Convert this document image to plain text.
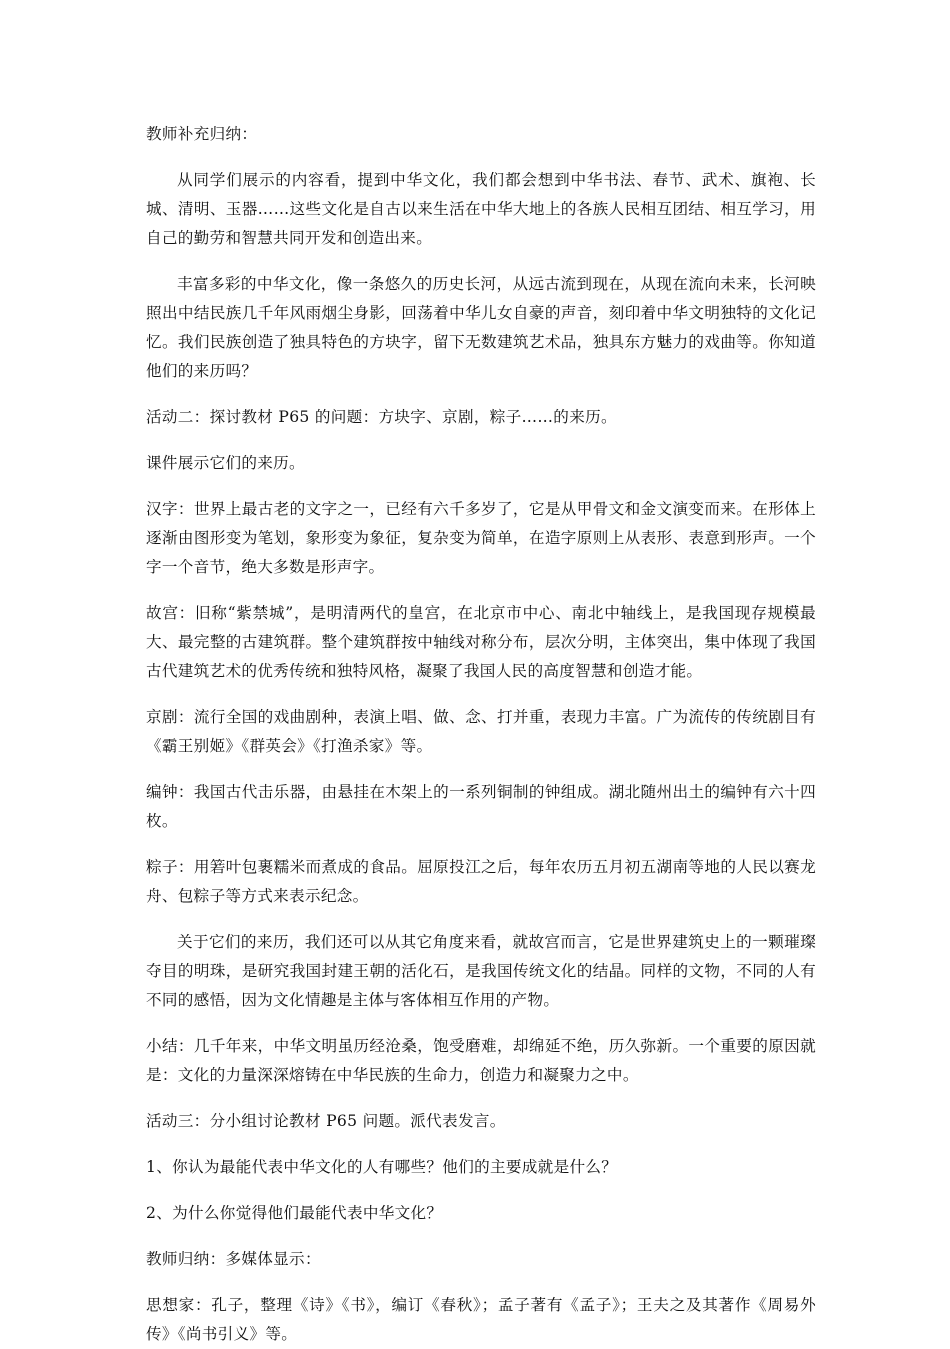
教师补充归纳：

从同学们展示的内容看，提到中华文化，我们都会想到中华书法、春节、武术、旗袍、长城、清明、玉器……这些文化是自古以来生活在中华大地上的各族人民相互团结、相互学习，用自己的勤劳和智慧共同开发和创造出来。

丰富多彩的中华文化，像一条悠久的历史长河，从远古流到现在，从现在流向未来，长河映照出中结民族几千年风雨烟尘身影，回荡着中华儿女自豪的声音，刻印着中华文明独特的文化记忆。我们民族创造了独具特色的方块字，留下无数建筑艺术品，独具东方魅力的戏曲等。你知道他们的来历吗？

活动二：探讨教材 P65 的问题：方块字、京剧，粽子……的来历。

课件展示它们的来历。

汉字：世界上最古老的文字之一，已经有六千多岁了，它是从甲骨文和金文演变而来。在形体上逐渐由图形变为笔划，象形变为象征，复杂变为简单，在造字原则上从表形、表意到形声。一个字一个音节，绝大多数是形声字。

故宫：旧称“紫禁城”，是明清两代的皇宫，在北京市中心、南北中轴线上，是我国现存规模最大、最完整的古建筑群。整个建筑群按中轴线对称分布，层次分明，主体突出，集中体现了我国古代建筑艺术的优秀传统和独特风格，凝聚了我国人民的高度智慧和创造才能。

京剧：流行全国的戏曲剧种，表演上唱、做、念、打并重，表现力丰富。广为流传的传统剧目有《霸王别姬》《群英会》《打渔杀家》等。

编钟：我国古代击乐器，由悬挂在木架上的一系列铜制的钟组成。湖北随州出土的编钟有六十四枚。

粽子：用箬叶包裹糯米而煮成的食品。屈原投江之后，每年农历五月初五湖南等地的人民以赛龙舟、包粽子等方式来表示纪念。

关于它们的来历，我们还可以从其它角度来看，就故宫而言，它是世界建筑史上的一颗璀璨夺目的明珠，是研究我国封建王朝的活化石，是我国传统文化的结晶。同样的文物，不同的人有不同的感悟，因为文化情趣是主体与客体相互作用的产物。

小结：几千年来，中华文明虽历经沧桑，饱受磨难，却绵延不绝，历久弥新。一个重要的原因就是：文化的力量深深熔铸在中华民族的生命力，创造力和凝聚力之中。

活动三：分小组讨论教材 P65 问题。派代表发言。

1、你认为最能代表中华文化的人有哪些？他们的主要成就是什么？

2、为什么你觉得他们最能代表中华文化？

教师归纳：多媒体显示：

思想家：孔子，整理《诗》《书》，编订《春秋》；孟子著有《孟子》；王夫之及其著作《周易外传》《尚书引义》等。
